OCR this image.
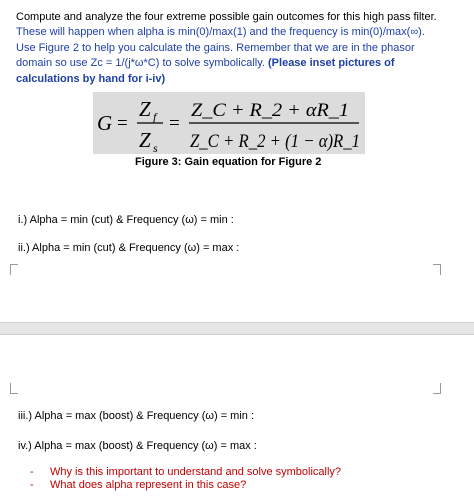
Compute and analyze the four extreme possible gain outcomes for this high pass filter.
These will happen when alpha is min(0)/max(1) and the frequency is min(0)/max(∞).
Use Figure 2 to help you calculate the gains. Remember that we are in the phasor
domain so use Zc = 1/(j*ω*C) to solve symbolically. (Please inset pictures of
calculations by hand for i-iv)
G =
Z f
Z s
=
Z_C + R_2 + αR_1
Z_C + R_2 + (1 − α)R_1
Figure 3: Gain equation for Figure 2
i.) Alpha = min (cut) & Frequency (ω) = min :
ii.) Alpha = min (cut) & Frequency (ω) = max :
iii.) Alpha = max (boost) & Frequency (ω) = min :
iv.) Alpha = max (boost) & Frequency (ω) = max :
- Why is this important to understand and solve symbolically?
- What does alpha represent in this case?
